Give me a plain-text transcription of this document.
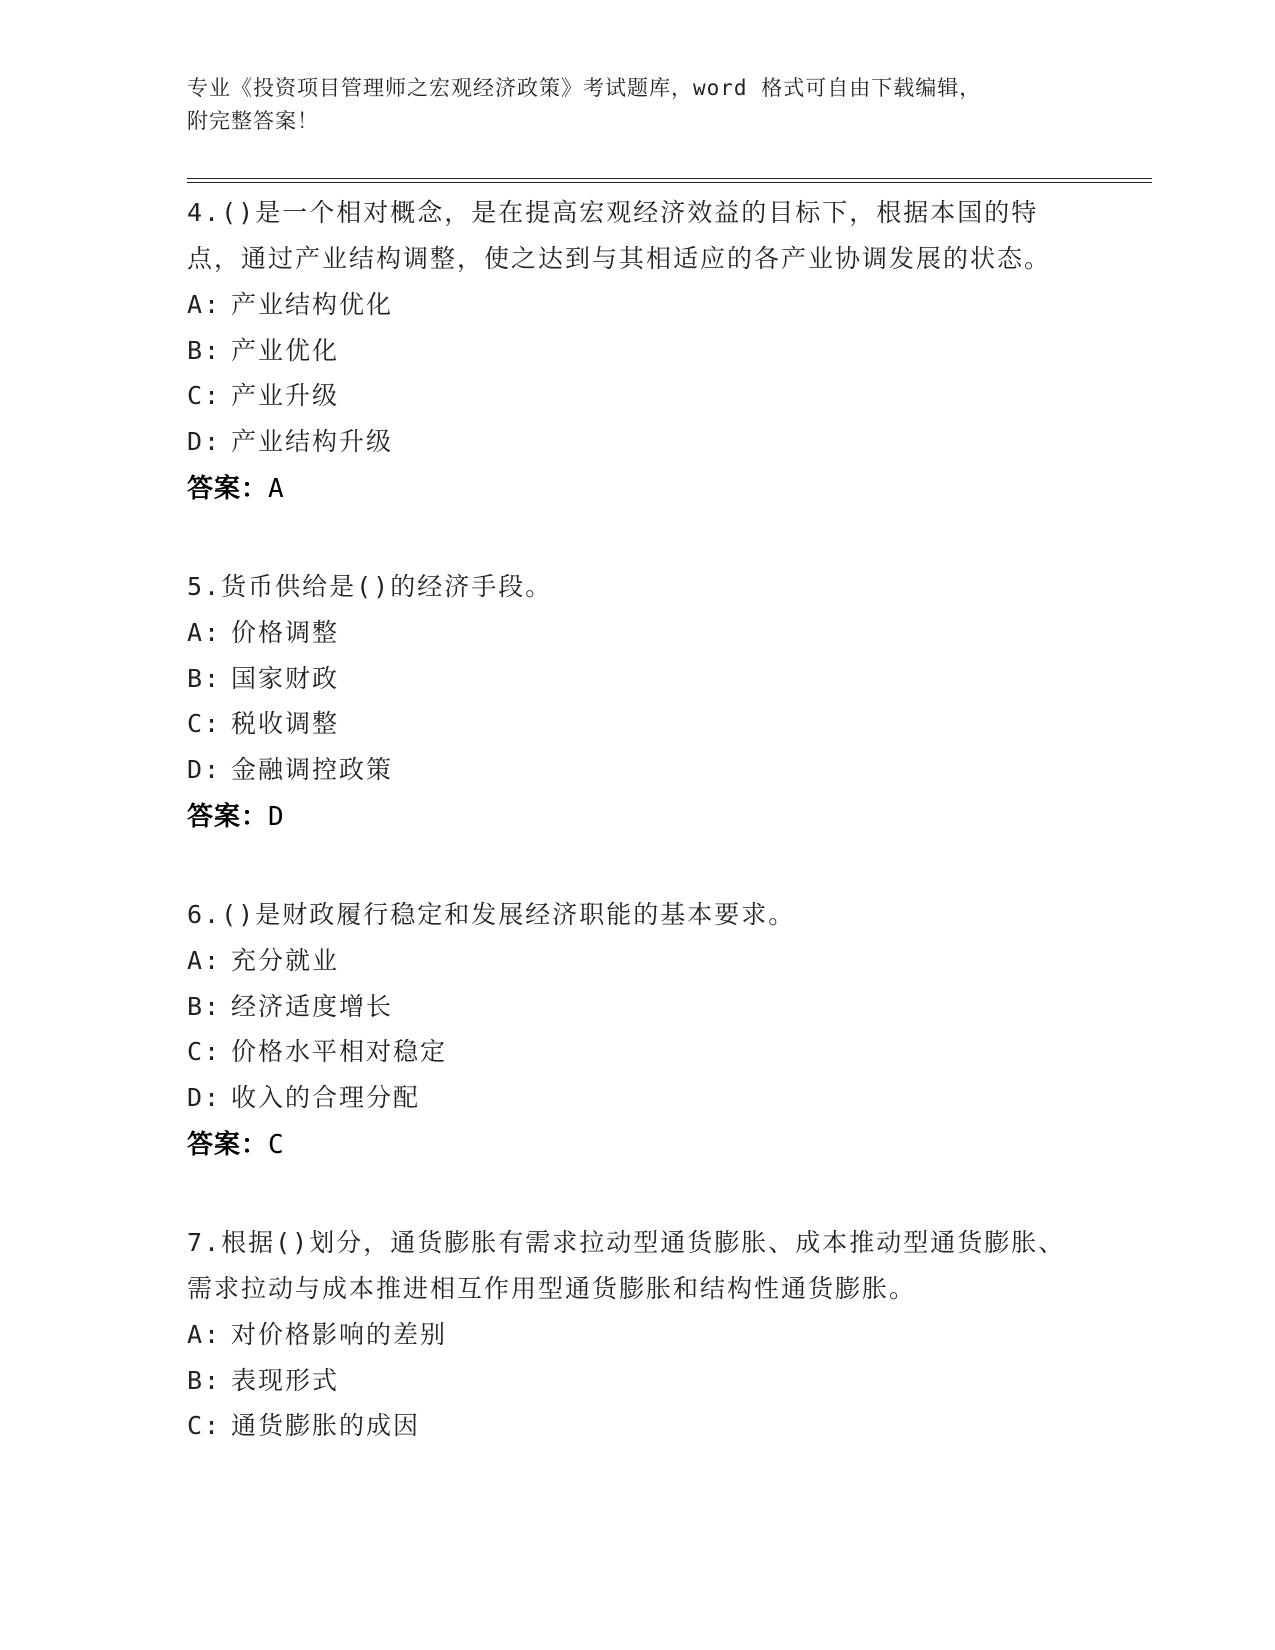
专业《投资项目管理师之宏观经济政策》考试题库，word 格式可自由下载编辑，
附完整答案！
4.()是一个相对概念，是在提高宏观经济效益的目标下，根据本国的特点，通过产业结构调整，使之达到与其相适应的各产业协调发展的状态。
A: 产业结构优化
B: 产业优化
C: 产业升级
D: 产业结构升级
答案：A
5.货币供给是()的经济手段。
A: 价格调整
B: 国家财政
C: 税收调整
D: 金融调控政策
答案：D
6.()是财政履行稳定和发展经济职能的基本要求。
A: 充分就业
B: 经济适度增长
C: 价格水平相对稳定
D: 收入的合理分配
答案：C
7.根据()划分，通货膨胀有需求拉动型通货膨胀、成本推动型通货膨胀、需求拉动与成本推进相互作用型通货膨胀和结构性通货膨胀。
A: 对价格影响的差别
B: 表现形式
C: 通货膨胀的成因
